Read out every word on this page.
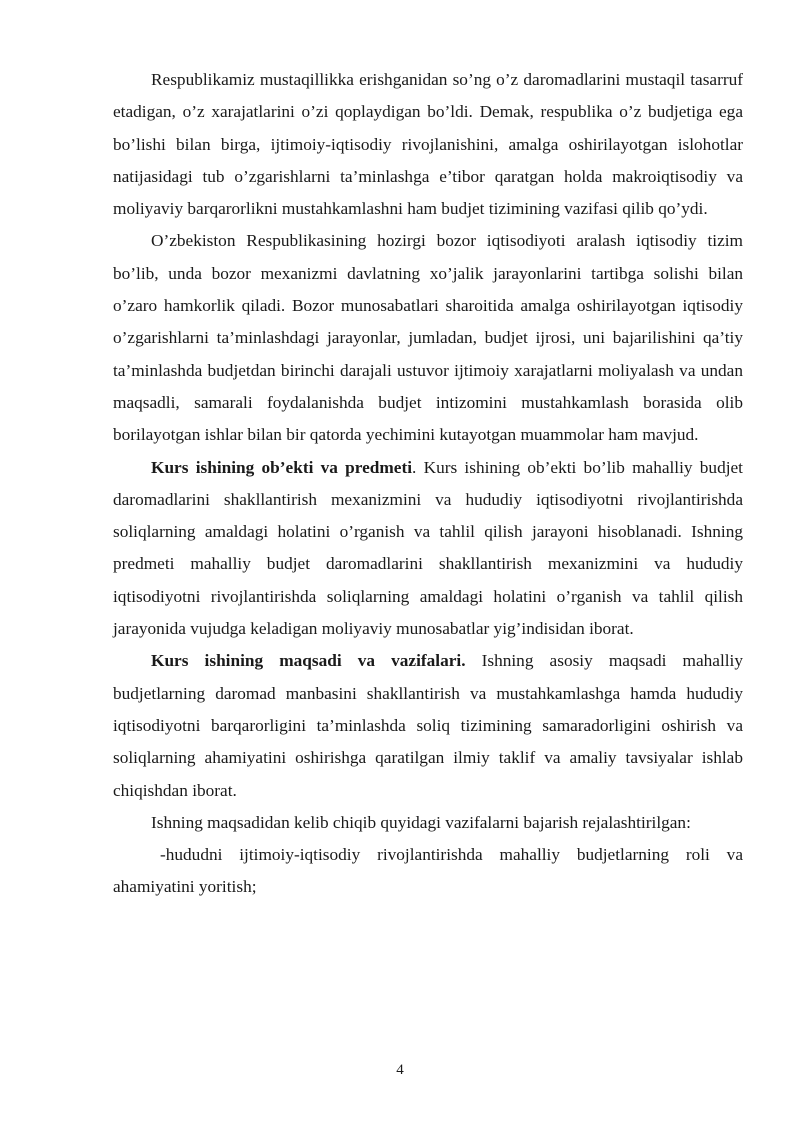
Respublikamiz mustaqillikka erishganidan so’ng o’z daromadlarini mustaqil tasarruf etadigan, o’z xarajatlarini o’zi qoplaydigan bo’ldi. Demak, respublika o’z budjetiga ega bo’lishi bilan birga, ijtimoiy-iqtisodiy rivojlanishini, amalga oshirilayotgan islohotlar natijasidagi tub o’zgarishlarni ta’minlashga e’tibor qaratgan holda makroiqtisodiy va moliyaviy barqarorlikni mustahkamlashni ham budjet tizimining vazifasi qilib qo’ydi.

O’zbekiston Respublikasining hozirgi bozor iqtisodiyoti aralash iqtisodiy tizim bo’lib, unda bozor mexanizmi davlatning xo’jalik jarayonlarini tartibga solishi bilan o’zaro hamkorlik qiladi. Bozor munosabatlari sharoitida amalga oshirilayotgan iqtisodiy o’zgarishlarni ta’minlashdagi jarayonlar, jumladan, budjet ijrosi, uni bajarilishini qa’tiy ta’minlashda budjetdan birinchi darajali ustuvor ijtimoiy xarajatlarni moliyalash va undan maqsadli, samarali foydalanishda budjet intizomini mustahkamlash borasida olib borilayotgan ishlar bilan bir qatorda yechimini kutayotgan muammolar ham mavjud.

Kurs ishining ob’ekti va predmeti. Kurs ishining ob’ekti bo’lib mahalliy budjet daromadlarini shakllantirish mexanizmini va hududiy iqtisodiyotni rivojlantirishda soliqlarning amaldagi holatini o’rganish va tahlil qilish jarayoni hisoblanadi. Ishning predmeti mahalliy budjet daromadlarini shakllantirish mexanizmini va hududiy iqtisodiyotni rivojlantirishda soliqlarning amaldagi holatini o’rganish va tahlil qilish jarayonida vujudga keladigan moliyaviy munosabatlar yig’indisidan iborat.

Kurs ishining maqsadi va vazifalari. Ishning asosiy maqsadi mahalliy budjetlarning daromad manbasini shakllantirish va mustahkamlashga hamda hududiy iqtisodiyotni barqarorligini ta’minlashda soliq tizimining samaradorligini oshirish va soliqlarning ahamiyatini oshirishga qaratilgan ilmiy taklif va amaliy tavsiyalar ishlab chiqishdan iborat.

Ishning maqsadidan kelib chiqib quyidagi vazifalarni bajarish rejalashtirilgan:

-hududni ijtimoiy-iqtisodiy rivojlantirishda mahalliy budjetlarning roli va ahamiyatini yoritish;

4
